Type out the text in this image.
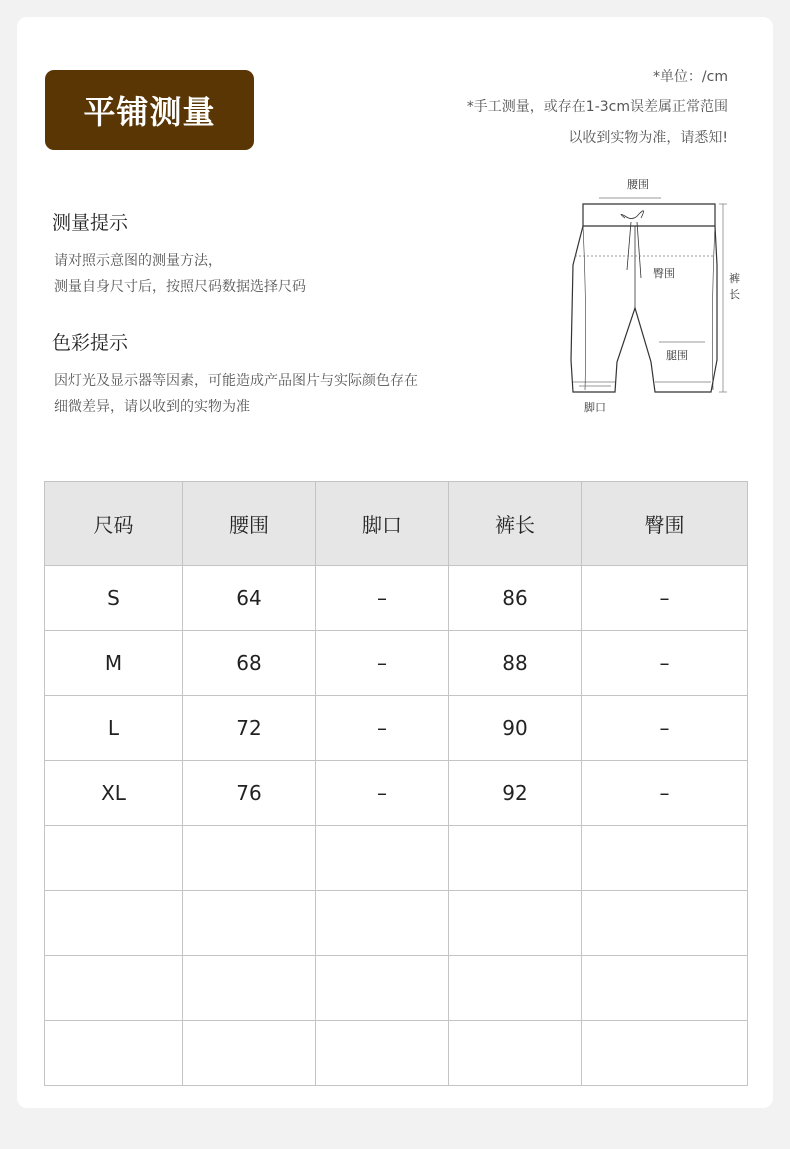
平铺测量
*单位：/cm
*手工测量，或存在1-3cm误差属正常范围
以收到实物为准，请悉知!
测量提示
请对照示意图的测量方法，
测量自身尺寸后，按照尺码数据选择尺码
色彩提示
因灯光及显示器等因素，可能造成产品图片与实际颜色存在
细微差异，请以收到的实物为准
腰围
臀围
腿围
脚口
裤
长
尺码	腰围	脚口	裤长	臀围
S	64	–	86	–
M	68	–	88	–
L	72	–	90	–
XL	76	–	92	–
